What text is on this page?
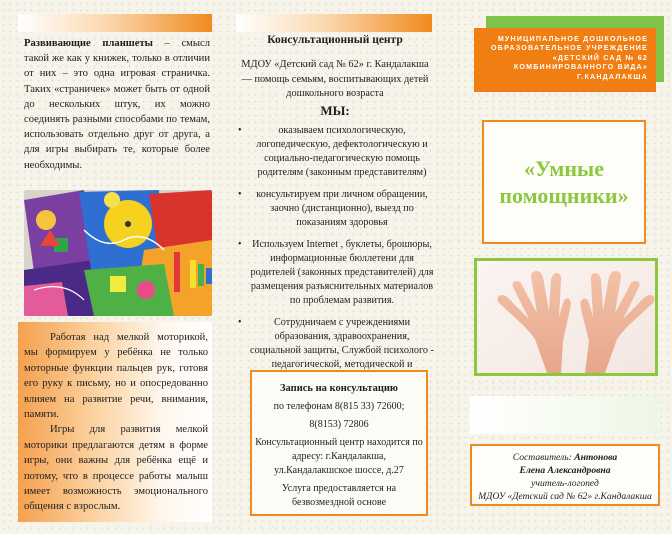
Развивающие планшеты – смысл такой же как у книжек, только в отличии от них – это одна игровая страничка. Таких «страничек» может быть от одной до нескольких штук, их можно соединять разными способами по темам, использовать отдельно друг от друга, а для игры выбирать те, которые более необходимы.

Работая над мелкой моторикой, мы формируем у ребёнка не только моторные функции пальцев рук, готовя его руку к письму, но и опосредованно влияем на развитие речи, внимания, памяти.

Игры для развития мелкой моторики предлагаются детям в форме игры, они важны для ребёнка ещё и потому, что в процессе работы малыш имеет возможность эмоционального общения с взрослым.

Консультационный центр
МДОУ «Детский сад № 62» г. Кандалакша — помощь семьям, воспитывающих детей дошкольного возраста
МЫ:
• оказываем психологическую, логопедическую, дефектологическую и социально-педагогическую помощь родителям (законным представителям)
• консультируем при личном обращении, заочно (дистанционно), выезд по показаниям здоровья
• Используем Internet , буклеты, брошюры, информационные бюллетени для родителей (законных представителей) для размещения разъяснительных материалов по проблемам развития.
• Сотрудничаем с учреждениями образования, здравоохранения, социальной защиты, Службой психолого - педагогической, методической и
Запись на консультацию
по телефонам 8(815 33) 72600;
8(8153) 72806
Консультационный центр находится по адресу: г.Кандалакша, ул.Кандалакшское шоссе, д.27
Услуга предоставляется на безвозмездной основе
МУНИЦИПАЛЬНОЕ ДОШКОЛЬНОЕ
ОБРАЗОВАТЕЛЬНОЕ УЧРЕЖДЕНИЕ
«ДЕТСКИЙ САД № 62
КОМБИНИРОВАННОГО ВИДА»
Г.КАНДАЛАКША
«Умные
помощники»
Составитель: Антонова
Елена Александровна
учитель-логопед
МДОУ «Детский сад № 62» г.Кандалакша
